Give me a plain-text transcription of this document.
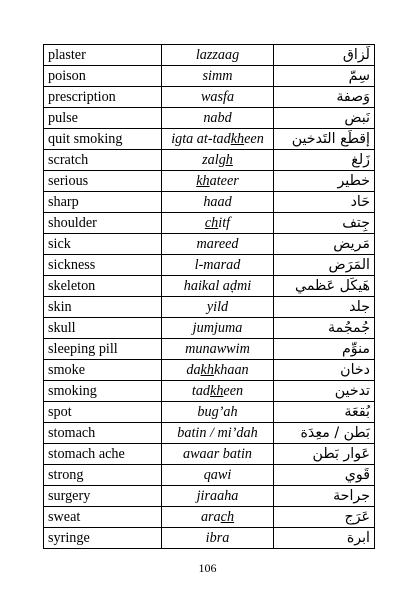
plaster	lazzaag	لَزاق
poison	simm	سِمّ
prescription	wasfa	وَصفة
pulse	nabd	نَبض
quit smoking	igta at-tadkheen	إقطَع التَدخين
scratch	zalgh	زَلغ
serious	khateer	خطير
sharp	haad	حَاد
shoulder	chitf	جِتف
sick	mareed	مَريض
sickness	l-marad	المَرَض
skeleton	haikal aḍmi	هَيكَل عَظمي
skin	yild	جلد
skull	jumjuma	جُمجُمة
sleeping pill	munawwim	منوِّم
smoke	dakhkhaan	دخان
smoking	tadkheen	تدخين
spot	bug’ah	بُقعَة
stomach	batin / mi’dah	بَطن / معِدَة
stomach ache	awaar batin	عَوار بَطن
strong	qawi	قَوي
surgery	jiraaha	جراحة
sweat	arach	عَرَج
syringe	ibra	ابرة
106
